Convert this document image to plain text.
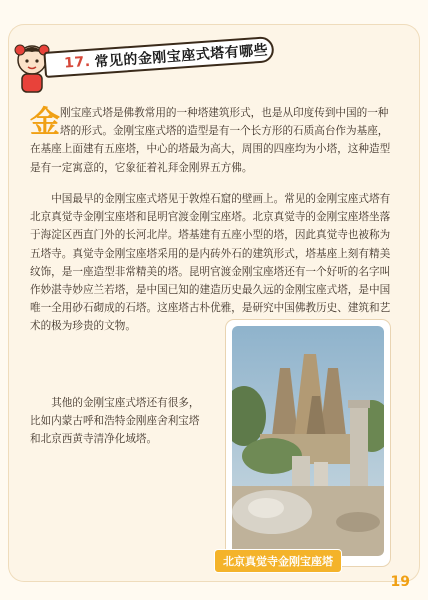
17. 常见的金刚宝座式塔有哪些

金 刚宝座式塔是佛教常用的一种塔建筑形式，也是从印度传到中国的一种塔的形式。金刚宝座式塔的造型是有一个长方形的石质高台作为基座，在基座上面建有五座塔，中心的塔最为高大，周围的四座均为小塔，这种造型是有一定寓意的，它象征着礼拜金刚界五方佛。

中国最早的金刚宝座式塔见于敦煌石窟的壁画上。常见的金刚宝座式塔有北京真觉寺金刚宝座塔和昆明官渡金刚宝座塔。北京真觉寺的金刚宝座塔坐落于海淀区西直门外的长河北岸。塔基建有五座小型的塔，因此真觉寺也被称为五塔寺。真觉寺金刚宝座塔采用的是内砖外石的建筑形式，塔基座上刻有精美纹饰，是一座造型非常精美的塔。昆明官渡金刚宝座塔还有一个好听的名字叫作妙湛寺妙应兰若塔，是中国已知的建造历史最久远的金刚宝座式塔，是中国唯一全用砂石砌成的石塔。这座塔古朴优雅，是研究中国佛教历史、建筑和艺术的极为珍贵的文物。

其他的金刚宝座式塔还有很多，比如内蒙古呼和浩特金刚座舍利宝塔和北京西黄寺清净化域塔。

北京真觉寺金刚宝座塔
19
